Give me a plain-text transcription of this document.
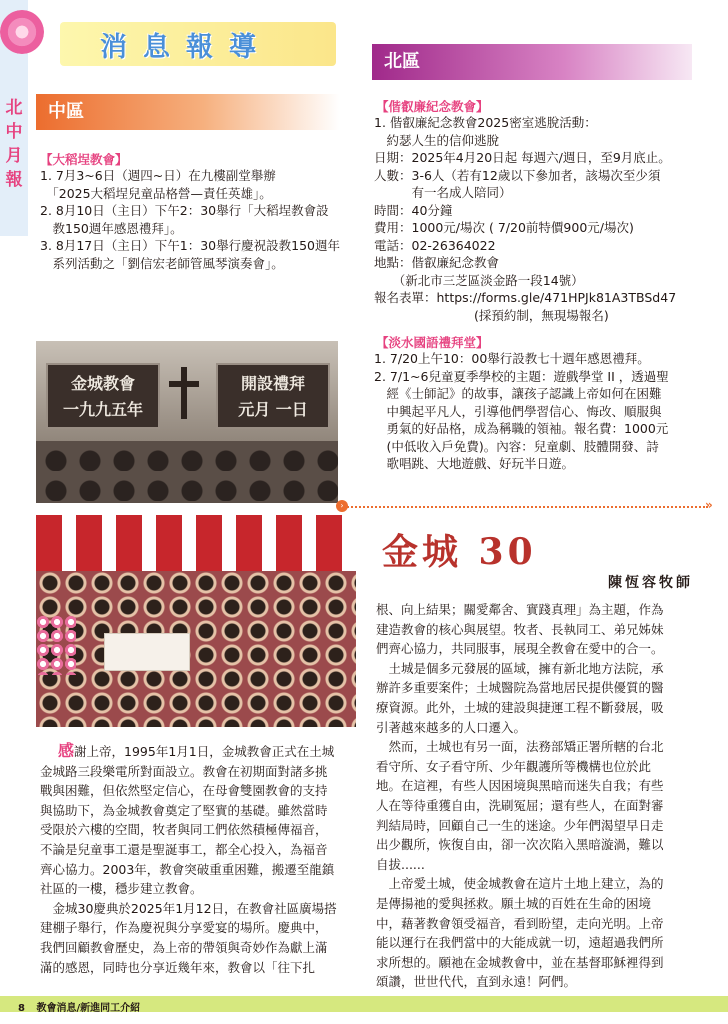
北中月報
消息報導
中區
【大稻埕教會】

1. 7月3~6日（週四~日）在九樓副堂舉辦

　「2025大稻埕兒童品格營—責任英雄」。

2. 8月10日（主日）下午2：30舉行「大稻埕教會設

　教150週年感恩禮拜」。

3. 8月17日（主日）下午1：30舉行慶祝設教150週年

　系列活動之「劉信宏老師管風琴演奏會」。

金城教會
一九九五年
開設禮拜
元月 一日
北區
【偕叡廉紀念教會】

1. 偕叡廉紀念教會2025密室逃脫活動：

　約瑟人生的信仰逃脫

日期：2025年4月20日起 每週六/週日，至9月底止。

人數：3-6人（若有12歲以下參加者，該場次至少須

　　　有一名成人陪同）

時間：40分鐘

費用：1000元/場次 ( 7/20前特價900元/場次)

電話：02-26364022

地點：偕叡廉紀念教會

　　（新北市三芝區淡金路一段14號）

報名表單：https://forms.gle/471HPJk81A3TBSd47

　　　　　　　　(採預約制，無現場報名)

【淡水國語禮拜堂】

1. 7/20上午10：00舉行設教七十週年感恩禮拜。

2. 7/1~6兒童夏季學校的主題：遊戲學堂 II ，透過聖

　經《士師記》的故事，讓孩子認識上帝如何在困難

　中興起平凡人，引導他們學習信心、悔改、順服與

　勇氣的好品格，成為稱職的領袖。報名費：1000元

　(中低收入戶免費)。內容：兒童劇、肢體開發、詩

　歌唱跳、大地遊戲、好玩半日遊。

›	»
金城 30
陳恆容牧師

感謝上帝，1995年1月1日，金城教會正式在土城

金城路三段樂電所對面設立。教會在初期面對諸多挑

戰與困難，但依然堅定信心，在母會雙園教會的支持

與協助下，為金城教會奠定了堅實的基礎。雖然當時

受限於六樓的空間，牧者與同工們依然積極傳福音，

不論是兒童事工還是聖誕事工，都全心投入，為福音

齊心協力。2003年，教會突破重重困難，搬遷至龍鎮

社區的一樓，穩步建立教會。

　金城30慶典於2025年1月12日，在教會社區廣場搭

建棚子舉行，作為慶祝與分享愛宴的場所。慶典中，

我們回顧教會歷史，為上帝的帶領與奇妙作為獻上滿

滿的感恩，同時也分享近幾年來，教會以「往下扎

根、向上結果；關愛鄰舍、實踐真理」為主題，作為

建造教會的核心與展望。牧者、長執同工、弟兄姊妹

們齊心協力，共同服事，展現全教會在愛中的合一。

　土城是個多元發展的區域，擁有新北地方法院，承

辦許多重要案件；土城醫院為當地居民提供優質的醫

療資源。此外，土城的建設與捷運工程不斷發展，吸

引著越來越多的人口遷入。

　然而，土城也有另一面，法務部矯正署所轄的台北

看守所、女子看守所、少年觀護所等機構也位於此

地。在這裡，有些人因困境與黑暗而迷失自我；有些

人在等待重獲自由，洗刷冤屈；還有些人，在面對審

判結局時，回顧自己一生的迷途。少年們渴望早日走

出少觀所，恢復自由，卻一次次陷入黑暗漩渦，難以

自拔......

　上帝愛土城，使金城教會在這片土地上建立，為的

是傳揚祂的愛與拯救。願土城的百姓在生命的困境

中，藉著教會領受福音，看到盼望，走向光明。上帝

能以運行在我們當中的大能成就一切，遠超過我們所

求所想的。願祂在金城教會中，並在基督耶穌裡得到

頌讚，世世代代，直到永遠！阿們。

8 教會消息/新進同工介紹
